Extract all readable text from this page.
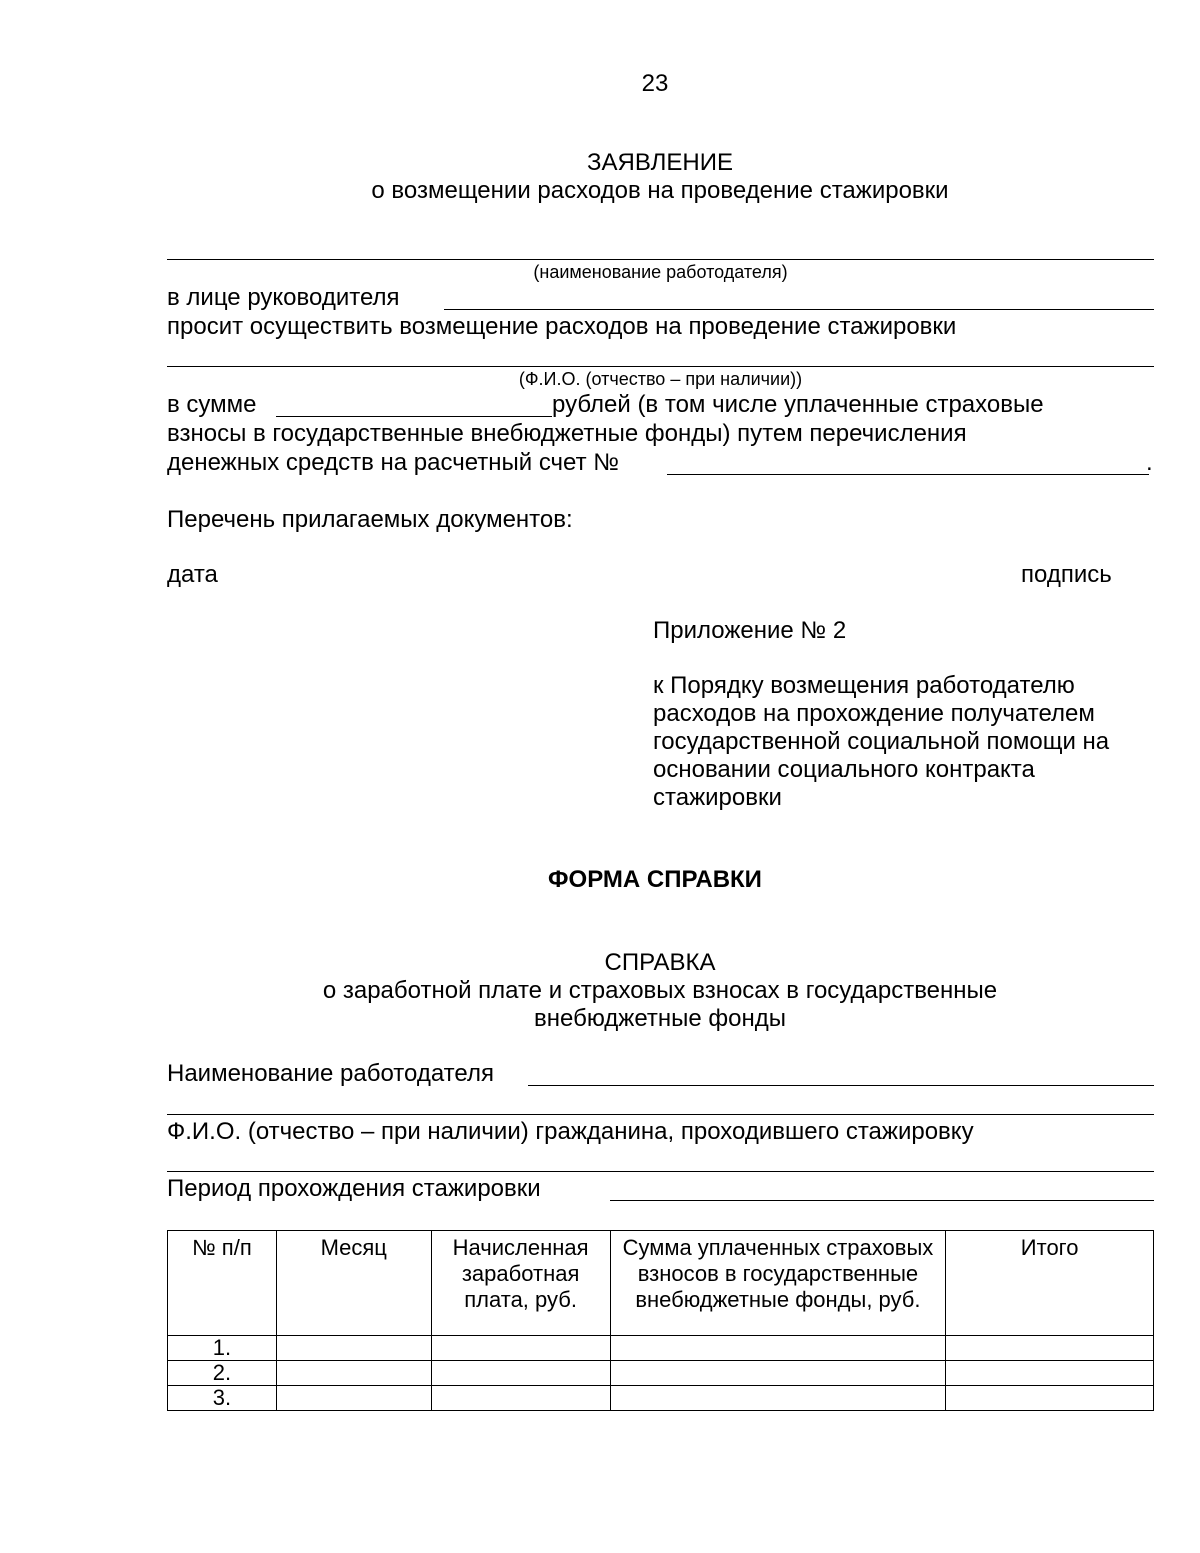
23
ЗАЯВЛЕНИЕ
о возмещении расходов на проведение стажировки
(наименование работодателя)
в лице руководителя
просит осуществить возмещение расходов на проведение стажировки
(Ф.И.О. (отчество – при наличии))
в сумме	рублей (в том числе уплаченные страховые
взносы в государственные внебюджетные фонды) путем перечисления
денежных средств на расчетный счет №	.
Перечень прилагаемых документов:
дата	подпись
Приложение № 2
к Порядку возмещения работодателю
расходов на прохождение получателем
государственной социальной помощи на
основании социального контракта
стажировки
ФОРМА СПРАВКИ
СПРАВКА
о заработной плате и страховых взносах в государственные
внебюджетные фонды
Наименование работодателя
Ф.И.О. (отчество – при наличии) гражданина, проходившего стажировку
Период прохождения стажировки
№ п/п	Месяц	Начисленная заработная плата, руб.	Сумма уплаченных страховых взносов в государственные внебюджетные фонды, руб.	Итого
1.				
2.				
3.				
